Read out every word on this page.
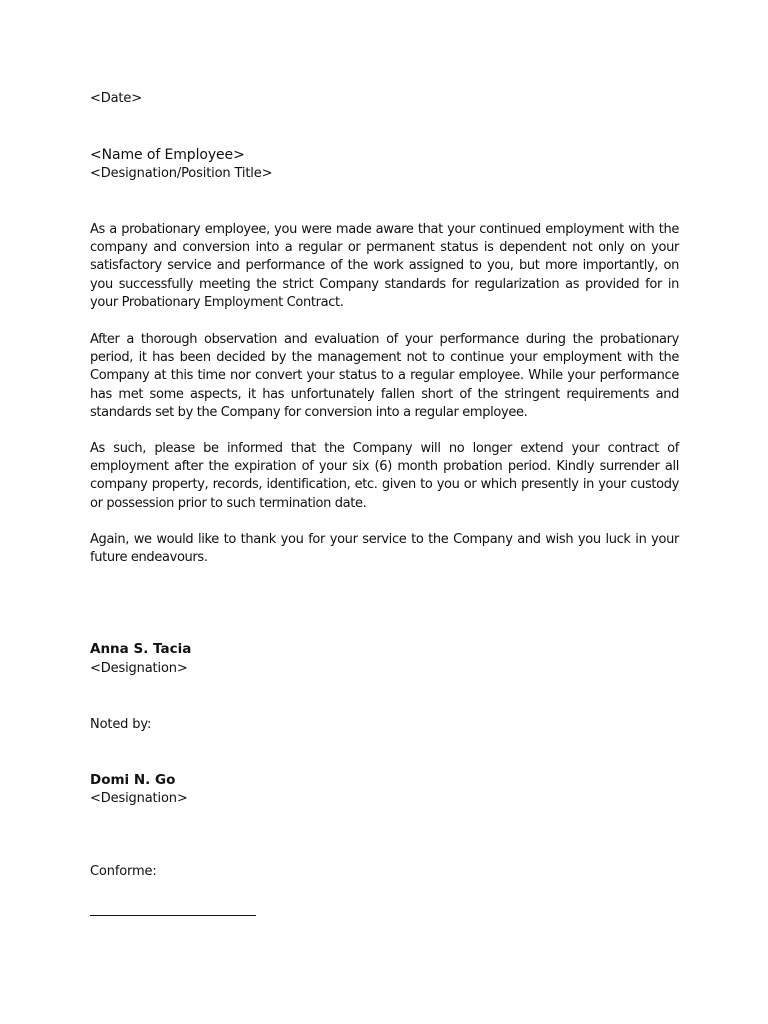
<Date>

<Name of Employee>

<Designation/Position Title>

As a probationary employee, you were made aware that your continued employment with the company and conversion into a regular or permanent status is dependent not only on your satisfactory service and performance of the work assigned to you, but more importantly, on you successfully meeting the strict Company standards for regularization as provided for in your Probationary Employment Contract.

After a thorough observation and evaluation of your performance during the probationary period, it has been decided by the management not to continue your employment with the Company at this time nor convert your status to a regular employee. While your performance has met some aspects, it has unfortunately fallen short of the stringent requirements and standards set by the Company for conversion into a regular employee.

As such, please be informed that the Company will no longer extend your contract of employment after the expiration of your six (6) month probation period. Kindly surrender all company property, records, identification, etc. given to you or which presently in your custody or possession prior to such termination date.

Again, we would like to thank you for your service to the Company and wish you luck in your future endeavours.

Anna S. Tacia

<Designation>

Noted by:

Domi N. Go

<Designation>

Conforme:
